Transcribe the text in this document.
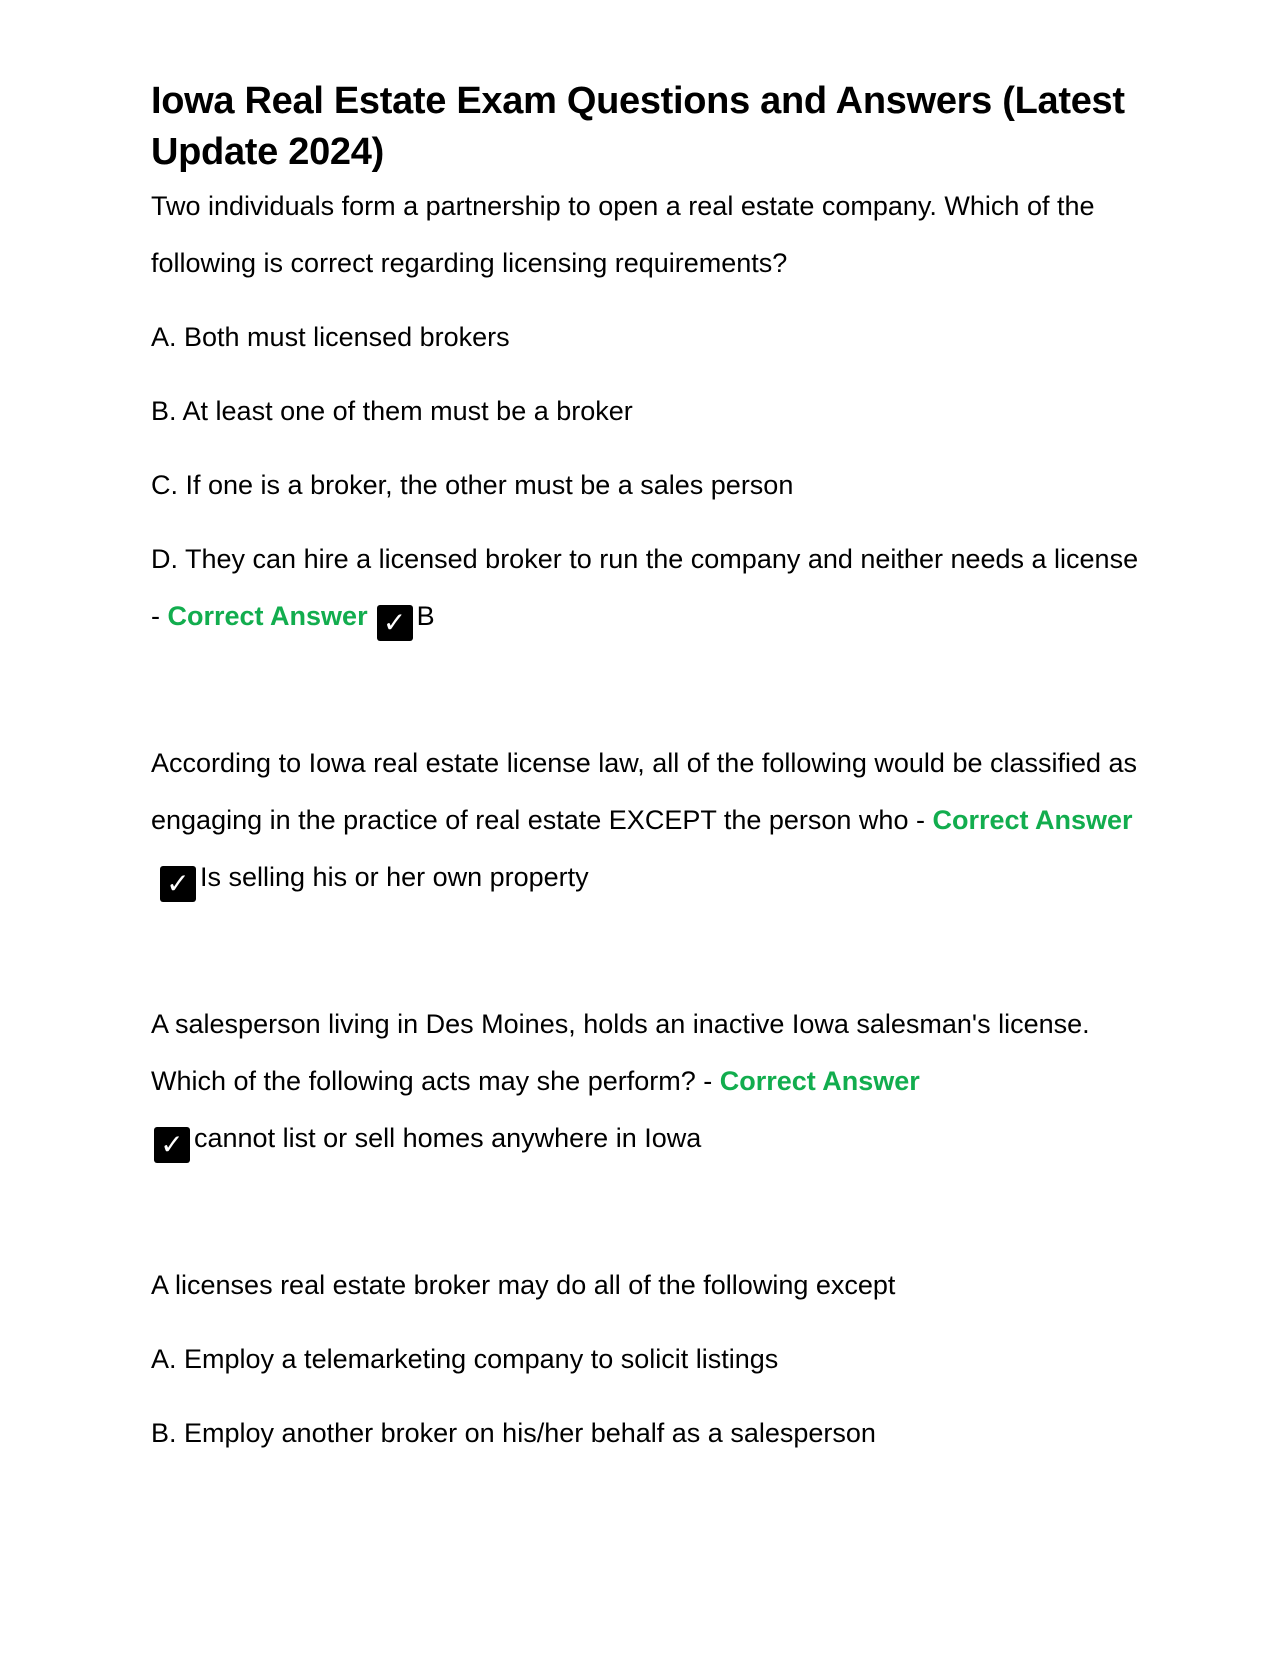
Iowa Real Estate Exam Questions and Answers (Latest Update 2024)

Two individuals form a partnership to open a real estate company. Which of the following is correct regarding licensing requirements?

A. Both must licensed brokers

B. At least one of them must be a broker

C. If one is a broker, the other must be a sales person

D. They can hire a licensed broker to run the company and neither needs a license - Correct Answer ✓ B

According to Iowa real estate license law, all of the following would be classified as engaging in the practice of real estate EXCEPT the person who - Correct Answer✓ Is selling his or her own property

A salesperson living in Des Moines, holds an inactive Iowa salesman's license. Which of the following acts may she perform? - Correct Answer
✓ cannot list or sell homes anywhere in Iowa

A licenses real estate broker may do all of the following except

A. Employ a telemarketing company to solicit listings

B. Employ another broker on his/her behalf as a salesperson
